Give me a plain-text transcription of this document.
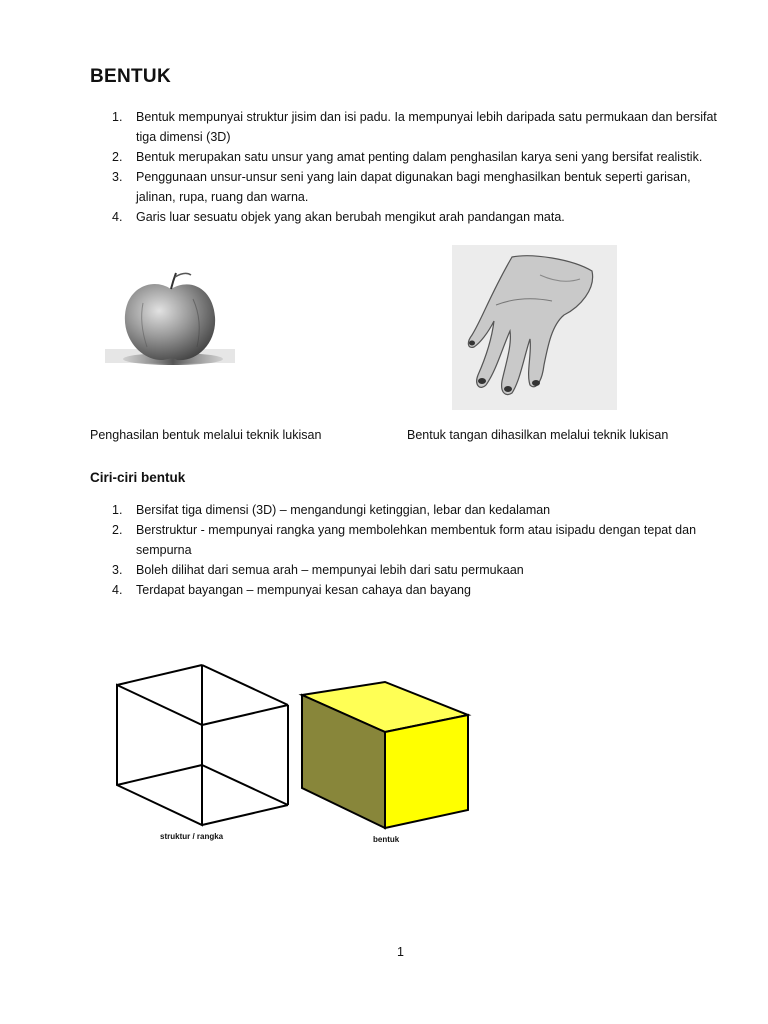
BENTUK
1. Bentuk mempunyai struktur jisim dan isi padu. Ia mempunyai lebih daripada satu permukaan dan bersifat tiga dimensi (3D)
2. Bentuk merupakan satu unsur yang amat penting dalam penghasilan karya seni yang bersifat realistik.
3. Penggunaan unsur-unsur seni yang lain dapat digunakan bagi menghasilkan bentuk seperti garisan, jalinan, rupa, ruang dan warna.
4. Garis luar sesuatu objek yang akan berubah mengikut arah pandangan mata.
Penghasilan bentuk melalui teknik lukisan	Bentuk tangan dihasilkan melalui teknik lukisan
Ciri-ciri bentuk
1. Bersifat tiga dimensi (3D) – mengandungi ketinggian, lebar dan kedalaman
2. Berstruktur - mempunyai rangka yang membolehkan membentuk form atau isipadu dengan tepat dan sempurna
3. Boleh dilihat dari semua arah – mempunyai lebih dari satu permukaan
4. Terdapat bayangan – mempunyai kesan cahaya dan bayang
struktur / rangka	bentuk
1
